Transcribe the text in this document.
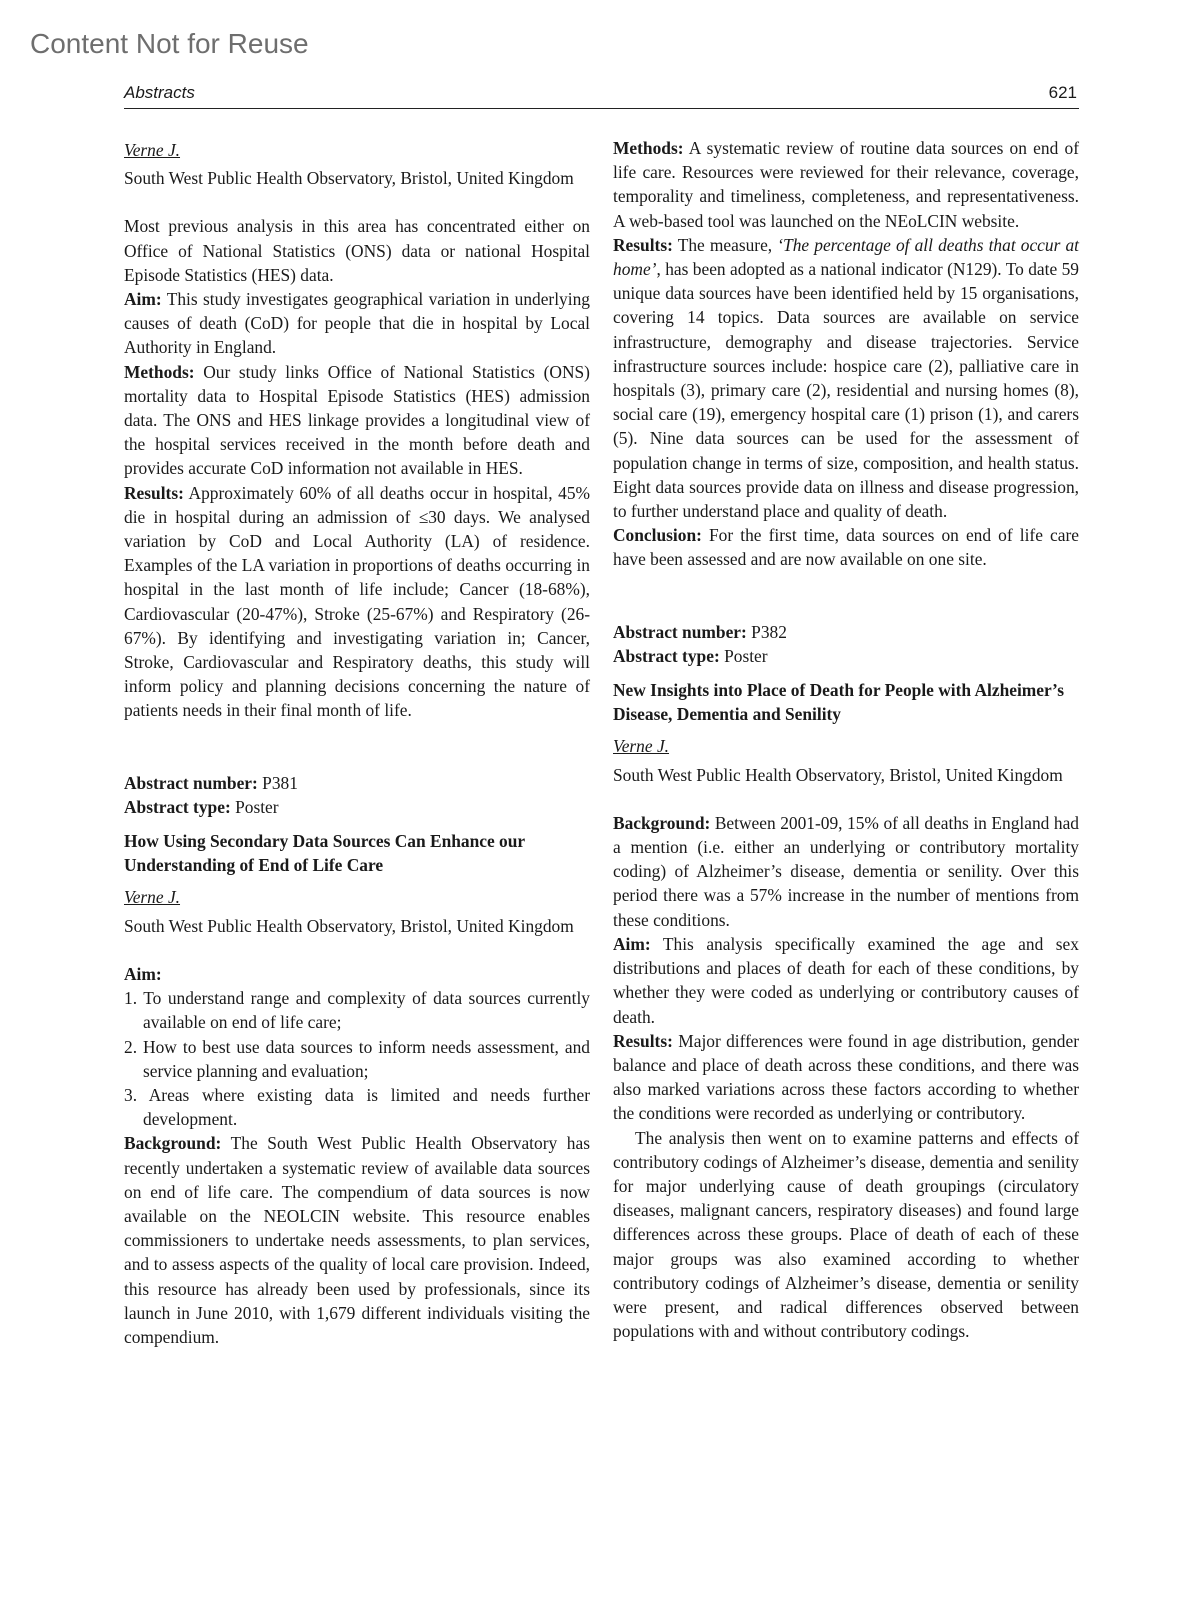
Content Not for Reuse
Abstracts	621

Verne J.

South West Public Health Observatory, Bristol, United Kingdom

Most previous analysis in this area has concentrated either on Office of National Statistics (ONS) data or national Hospital Episode Statistics (HES) data.

Aim: This study investigates geographical variation in underlying causes of death (CoD) for people that die in hospital by Local Authority in England.

Methods: Our study links Office of National Statistics (ONS) mortality data to Hospital Episode Statistics (HES) admission data. The ONS and HES linkage provides a longitudinal view of the hospital services received in the month before death and provides accurate CoD information not available in HES.

Results: Approximately 60% of all deaths occur in hospital, 45% die in hospital during an admission of ≤30 days. We analysed variation by CoD and Local Authority (LA) of residence. Examples of the LA variation in proportions of deaths occurring in hospital in the last month of life include; Cancer (18-68%), Cardiovascular (20-47%), Stroke (25-67%) and Respiratory (26-67%). By identifying and investigating variation in; Cancer, Stroke, Cardiovascular and Respiratory deaths, this study will inform policy and planning decisions concerning the nature of patients needs in their final month of life.

Abstract number: P381

Abstract type: Poster

How Using Secondary Data Sources Can Enhance our Understanding of End of Life Care

Verne J.

South West Public Health Observatory, Bristol, United Kingdom

Aim:

1. To understand range and complexity of data sources currently available on end of life care;
2. How to best use data sources to inform needs assessment, and service planning and evaluation;
3. Areas where existing data is limited and needs further development.

Background: The South West Public Health Observatory has recently undertaken a systematic review of available data sources on end of life care. The compendium of data sources is now available on the NEOLCIN website. This resource enables commissioners to undertake needs assessments, to plan services, and to assess aspects of the quality of local care provision. Indeed, this resource has already been used by professionals, since its launch in June 2010, with 1,679 different individuals visiting the compendium.

Methods: A systematic review of routine data sources on end of life care. Resources were reviewed for their relevance, coverage, temporality and timeliness, completeness, and representativeness. A web-based tool was launched on the NEoLCIN website.

Results: The measure, ‘The percentage of all deaths that occur at home’, has been adopted as a national indicator (N129). To date 59 unique data sources have been identified held by 15 organisations, covering 14 topics. Data sources are available on service infrastructure, demography and disease trajectories. Service infrastructure sources include: hospice care (2), palliative care in hospitals (3), primary care (2), residential and nursing homes (8), social care (19), emergency hospital care (1) prison (1), and carers (5). Nine data sources can be used for the assessment of population change in terms of size, composition, and health status. Eight data sources provide data on illness and disease progression, to further understand place and quality of death.

Conclusion: For the first time, data sources on end of life care have been assessed and are now available on one site.

Abstract number: P382

Abstract type: Poster

New Insights into Place of Death for People with Alzheimer’s Disease, Dementia and Senility

Verne J.

South West Public Health Observatory, Bristol, United Kingdom

Background: Between 2001-09, 15% of all deaths in England had a mention (i.e. either an underlying or contributory mortality coding) of Alzheimer’s disease, dementia or senility. Over this period there was a 57% increase in the number of mentions from these conditions.

Aim: This analysis specifically examined the age and sex distributions and places of death for each of these conditions, by whether they were coded as underlying or contributory causes of death.

Results: Major differences were found in age distribution, gender balance and place of death across these conditions, and there was also marked variations across these factors according to whether the conditions were recorded as underlying or contributory.

The analysis then went on to examine patterns and effects of contributory codings of Alzheimer’s disease, dementia and senility for major underlying cause of death groupings (circulatory diseases, malignant cancers, respiratory diseases) and found large differences across these groups. Place of death of each of these major groups was also examined according to whether contributory codings of Alzheimer’s disease, dementia or senility were present, and radical differences observed between populations with and without contributory codings.
